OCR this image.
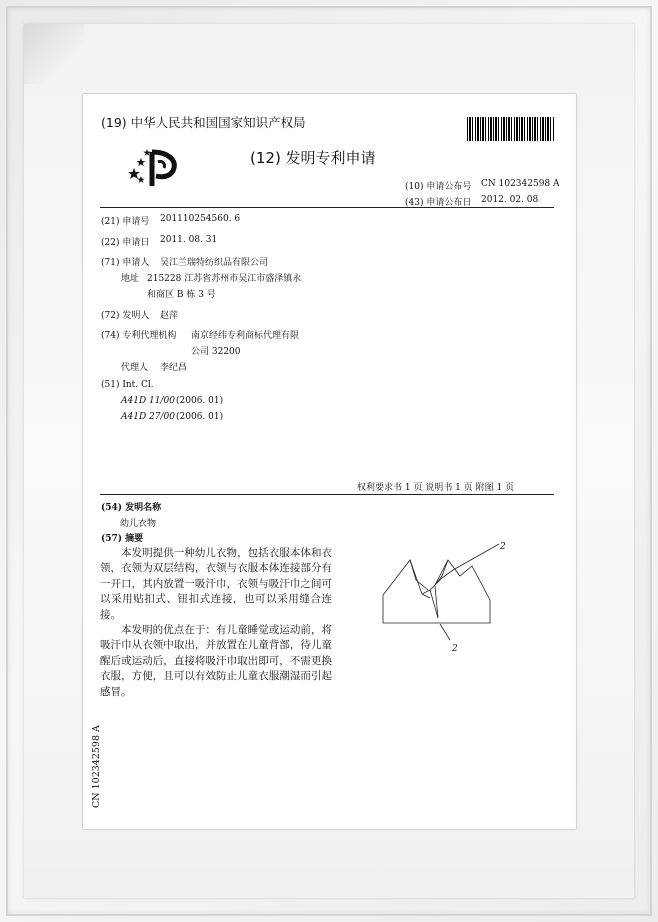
(19) 中华人民共和国国家知识产权局
(12) 发明专利申请
(10) 申请公布号 CN 102342598 A
(43) 申请公布日 2012. 02. 08
(21) 申请号 201110254560. 6
(22) 申请日 2011. 08. 31
(71) 申请人 吴江兰瑞特纺织品有限公司
地址 215228 江苏省苏州市吴江市盛泽镇永
和商区 B 栋 3 号
(72) 发明人 赵萍
(74) 专利代理机构 南京经纬专利商标代理有限
公司 32200
代理人 李纪昌
(51) Int. Cl.
A41D 11/00 (2006. 01)
A41D 27/00 (2006. 01)
权利要求书 1 页 说明书 1 页 附图 1 页
(54) 发明名称
幼儿衣物
(57) 摘要

本发明提供一种幼儿衣物，包括衣服本体和衣领，衣领为双层结构，衣领与衣服本体连接部分有一开口，其内放置一吸汗巾，衣领与吸汗巾之间可以采用贴扣式、钮扣式连接，也可以采用缝合连接。

本发明的优点在于：有儿童睡觉或运动前，将吸汗巾从衣领中取出，并放置在儿童背部，待儿童醒后或运动后，直接将吸汗巾取出即可，不需更换衣服，方便，且可以有效防止儿童衣服潮湿而引起感冒。

2
2
CN 102342598 A
